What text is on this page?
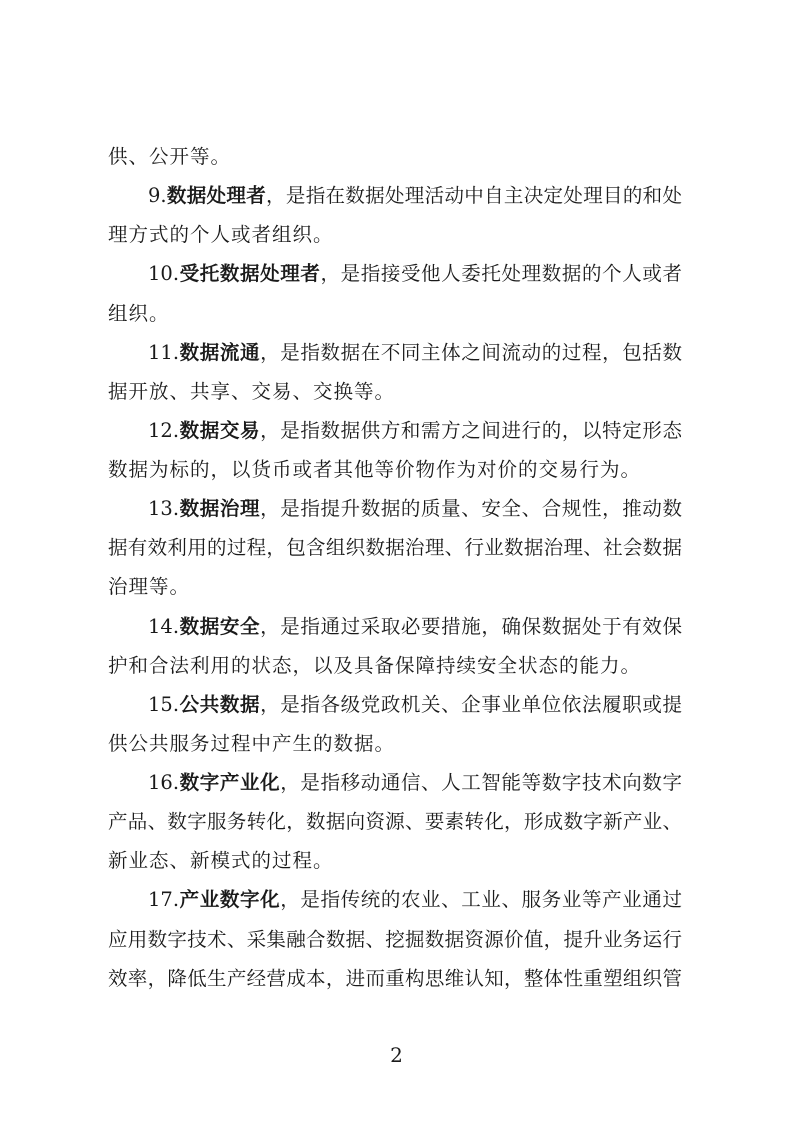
供、公开等。
9.数据处理者，是指在数据处理活动中自主决定处理目的和处
理方式的个人或者组织。
10.受托数据处理者，是指接受他人委托处理数据的个人或者
组织。
11.数据流通，是指数据在不同主体之间流动的过程，包括数
据开放、共享、交易、交换等。
12.数据交易，是指数据供方和需方之间进行的，以特定形态
数据为标的，以货币或者其他等价物作为对价的交易行为。
13.数据治理，是指提升数据的质量、安全、合规性，推动数
据有效利用的过程，包含组织数据治理、行业数据治理、社会数据
治理等。
14.数据安全，是指通过采取必要措施，确保数据处于有效保
护和合法利用的状态，以及具备保障持续安全状态的能力。
15.公共数据，是指各级党政机关、企事业单位依法履职或提
供公共服务过程中产生的数据。
16.数字产业化，是指移动通信、人工智能等数字技术向数字
产品、数字服务转化，数据向资源、要素转化，形成数字新产业、
新业态、新模式的过程。
17.产业数字化，是指传统的农业、工业、服务业等产业通过
应用数字技术、采集融合数据、挖掘数据资源价值，提升业务运行
效率，降低生产经营成本，进而重构思维认知，整体性重塑组织管
2
